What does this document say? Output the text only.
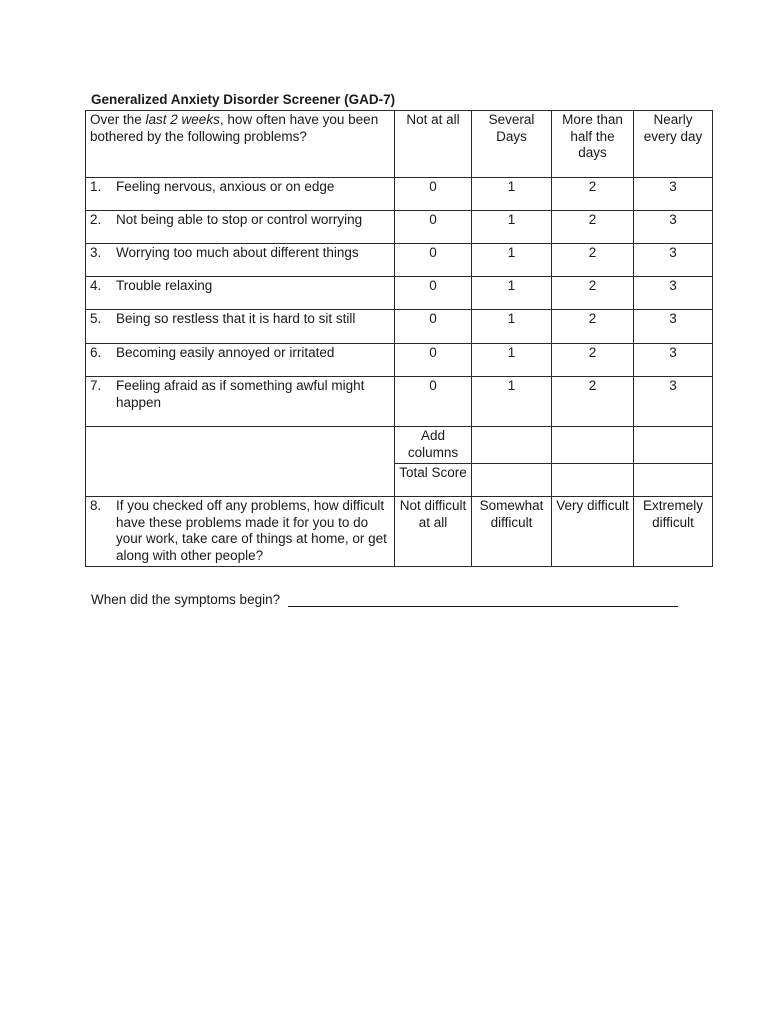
Generalized Anxiety Disorder Screener (GAD-7)
Over the last 2 weeks, how often have you been bothered by the following problems?	Not at all	Several Days	More than half the days	Nearly every day

1. Feeling nervous, anxious or on edge	0	1	2	3

2. Not being able to stop or control worrying	0	1	2	3

3. Worrying too much about different things	0	1	2	3

4. Trouble relaxing	0	1	2	3

5. Being so restless that it is hard to sit still	0	1	2	3

6. Becoming easily annoyed or irritated	0	1	2	3

7. Feeling afraid as if something awful might happen	0	1	2	3
	Add columns			
	Total Score			

8. If you checked off any problems, how difficult have these problems made it for you to do your work, take care of things at home, or get along with other people?	Not difficult at all	Somewhat difficult	Very difficult	Extremely difficult
When did the symptoms begin?
